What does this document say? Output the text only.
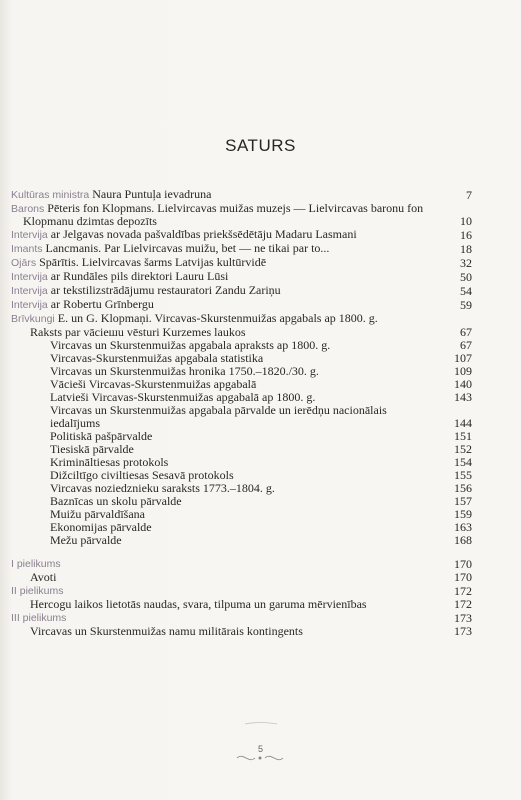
SATURS
Kultūras ministra Naura Puntuļa ievadruna	7
Barons Pēteris fon Klopmans. Lielvircavas muižas muzejs — Lielvircavas baronu fon Klopmanu dzimtas depozīts	10
Intervija ar Jelgavas novada pašvaldības priekšsēdētāju Madaru Lasmani	16
Imants Lancmanis. Par Lielvircavas muižu, bet — ne tikai par to...	18
Ojārs Spārītis. Lielvircavas šarms Latvijas kultūrvidē	32
Intervija ar Rundāles pils direktori Lauru Lūsi	50
Intervija ar tekstilizstrādājumu restauratori Zandu Zariņu	54
Intervija ar Robertu Grīnbergu	59
Brīvkungi E. un G. Klopmaņi. Vircavas-Skurstenmuižas apgabals ap 1800. g.
Raksts par vācieшu vēsturi Kurzemes laukos	67
Vircavas un Skurstenmuižas apgabala apraksts ap 1800. g.	67
Vircavas-Skurstenmuižas apgabala statistika	107
Vircavas un Skurstenmuižas hronika 1750.–1820./30. g.	109
Vācieši Vircavas-Skurstenmuižas apgabalā	140
Latvieši Vircavas-Skurstenmuižas apgabalā ap 1800. g.	143
Vircavas un Skurstenmuižas apgabala pārvalde un ierēdņu nacionālais iedalījums	144
Politiskā pašpārvalde	151
Tiesiskā pārvalde	152
Krimināltiesas protokols	154
Dižciltīgo civiltiesas Sesavā protokols	155
Vircavas noziedznieku saraksts 1773.–1804. g.	156
Baznīcas un skolu pārvalde	157
Muižu pārvaldīšana	159
Ekonomijas pārvalde	163
Mežu pārvalde	168
I pielikums	170
Avoti	170
II pielikums	172
Hercogu laikos lietotās naudas, svara, tilpuma un garuma mērvienības	172
III pielikums	173
Vircavas un Skurstenmuižas namu militārais kontingents	173
5
